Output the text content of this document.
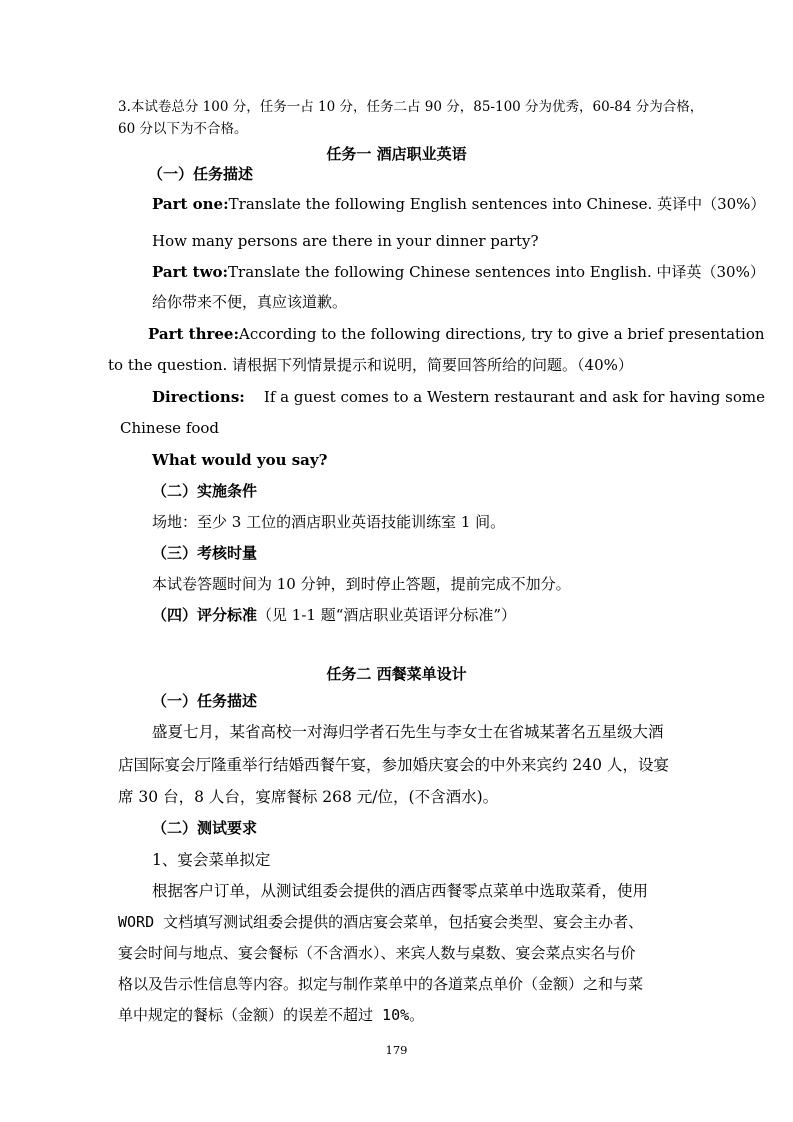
3.本试卷总分 100 分，任务一占 10 分，任务二占 90 分，85-100 分为优秀，60-84 分为合格，
60 分以下为不合格。
任务一 酒店职业英语
（一）任务描述
Part one:Translate the following English sentences into Chinese. 英译中（30%）
How many persons are there in your dinner party?
Part two:Translate the following Chinese sentences into English. 中译英（30%）
给你带来不便，真应该道歉。
Part three:According to the following directions, try to give a brief presentation
to the question. 请根据下列情景提示和说明，简要回答所给的问题。（40%）
Directions: If a guest comes to a Western restaurant and ask for having some
Chinese food
What would you say?
（二）实施条件
场地：至少 3 工位的酒店职业英语技能训练室 1 间。
（三）考核时量
本试卷答题时间为 10 分钟，到时停止答题，提前完成不加分。
（四）评分标准（见 1-1 题“酒店职业英语评分标准”）
任务二 西餐菜单设计
（一）任务描述
盛夏七月，某省高校一对海归学者石先生与李女士在省城某著名五星级大酒
店国际宴会厅隆重举行结婚西餐午宴，参加婚庆宴会的中外来宾约 240 人，设宴
席 30 台，8 人台，宴席餐标 268 元/位，(不含酒水)。
（二）测试要求
1、宴会菜单拟定
根据客户订单，从测试组委会提供的酒店西餐零点菜单中选取菜肴，使用
WORD 文档填写测试组委会提供的酒店宴会菜单，包括宴会类型、宴会主办者、
宴会时间与地点、宴会餐标（不含酒水）、来宾人数与桌数、宴会菜点实名与价
格以及告示性信息等内容。拟定与制作菜单中的各道菜点单价（金额）之和与菜
单中规定的餐标（金额）的误差不超过 10%。
179
